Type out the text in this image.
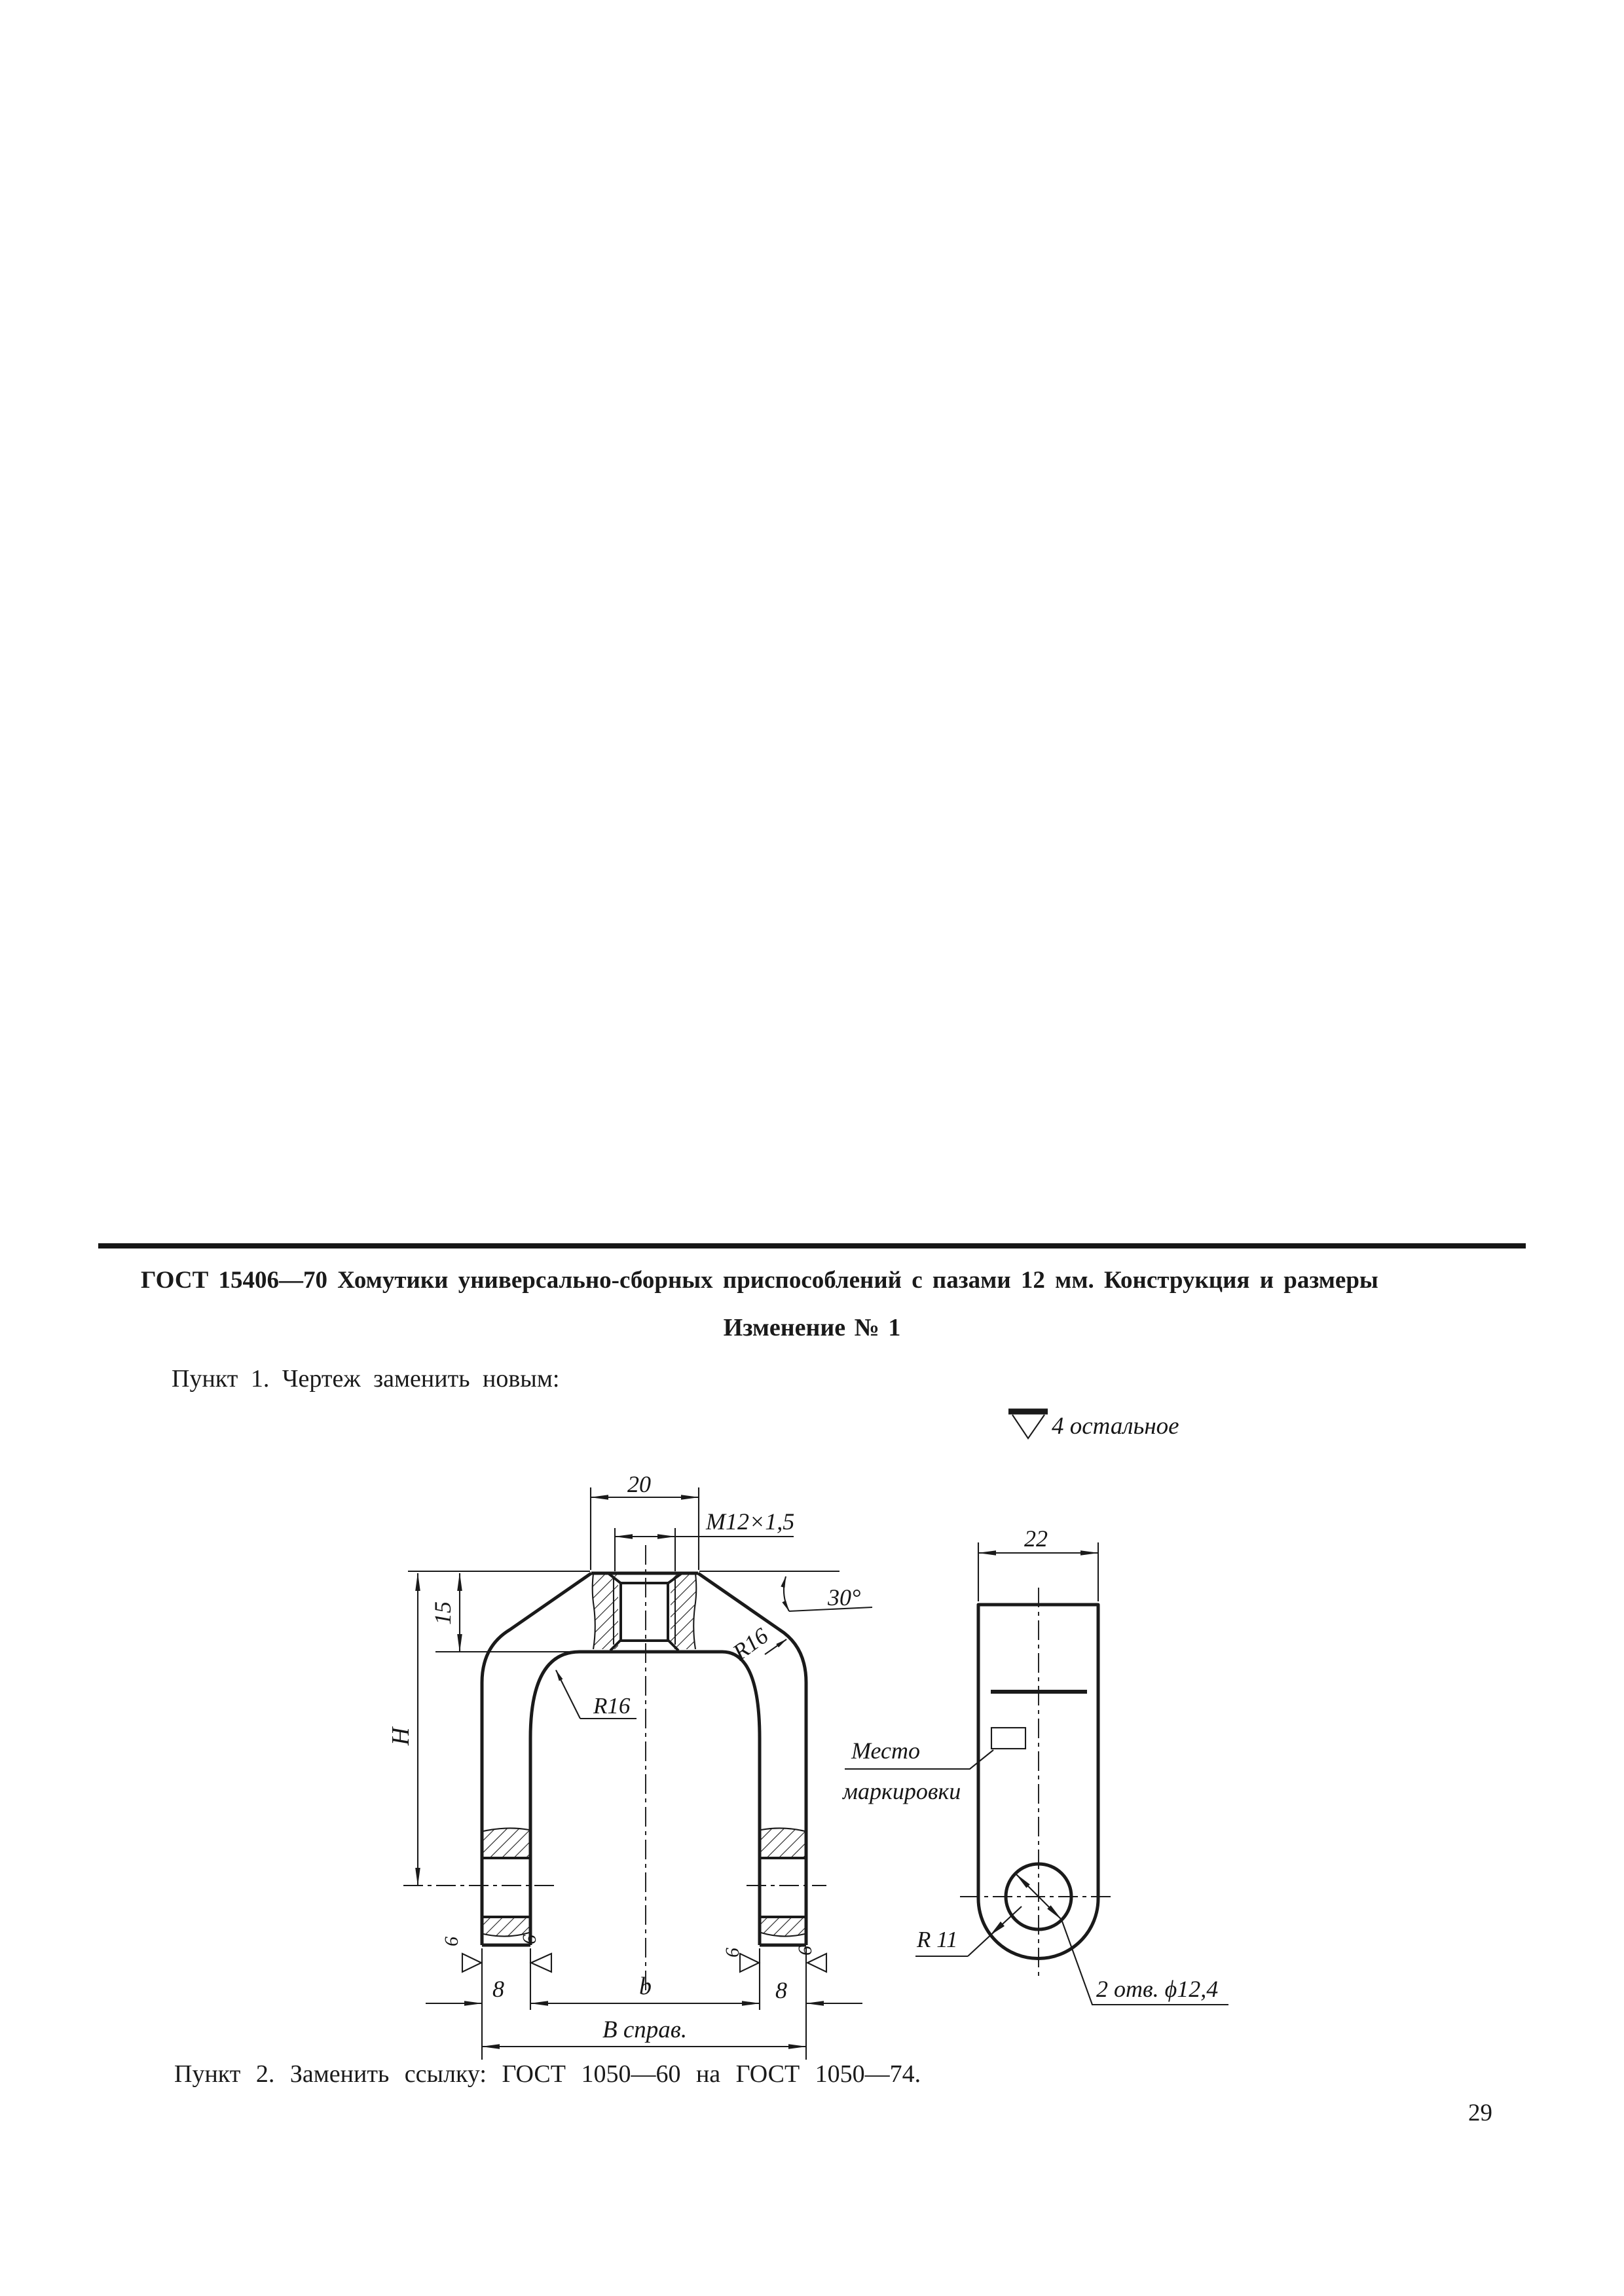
ГОСТ 15406—70 Хомутики универсально-сборных приспособлений с пазами 12 мм. Конструкция и размеры
Изменение № 1
Пункт 1. Чертеж заменить новым:
Пункт 2. Заменить ссылку: ГОСТ 1050—60 на ГОСТ 1050—74.
29
4 остальное
20
M12×1,5
15
H
30°
R16
R16
8	b	8
В справ.
6	6
6	6
22
Место
маркировки
R 11
2 отв. ϕ12,4
